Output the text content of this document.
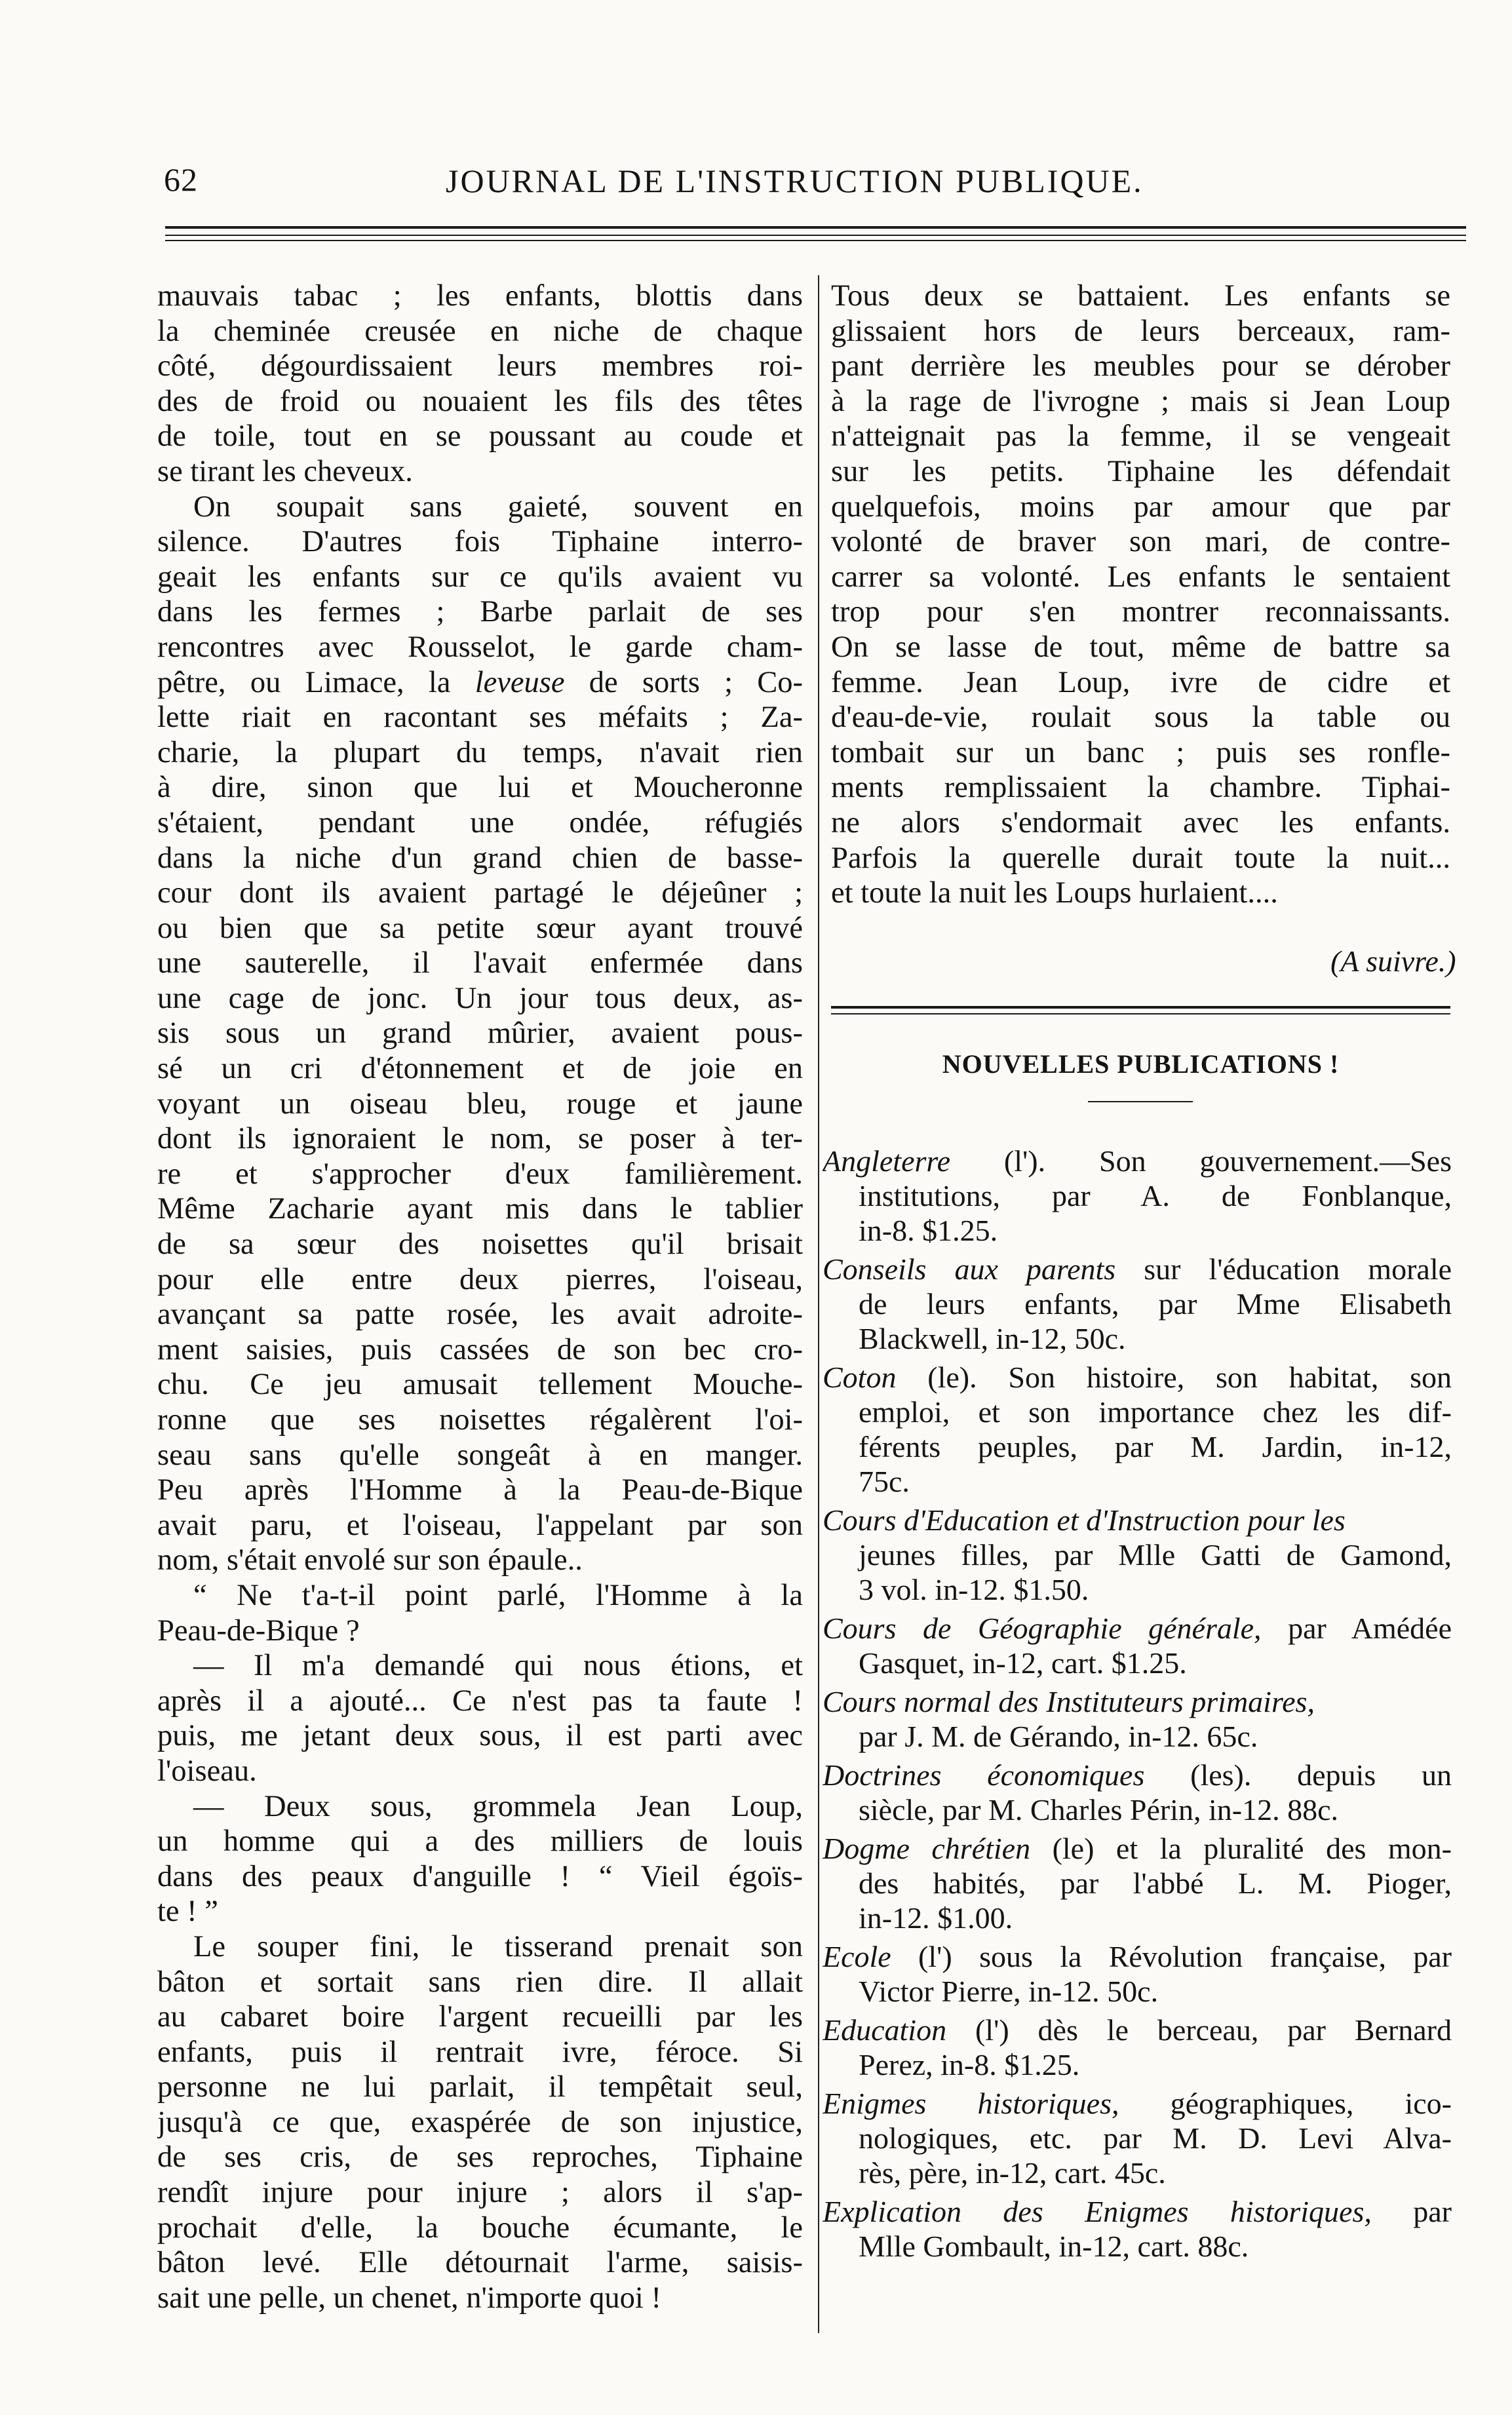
62	JOURNAL DE L'INSTRUCTION PUBLIQUE.
mauvais tabac ; les enfants, blottis dans
la cheminée creusée en niche de chaque
côté, dégourdissaient leurs membres roi-
des de froid ou nouaient les fils des têtes
de toile, tout en se poussant au coude et
se tirant les cheveux.
On soupait sans gaieté, souvent en
silence. D'autres fois Tiphaine interro-
geait les enfants sur ce qu'ils avaient vu
dans les fermes ; Barbe parlait de ses
rencontres avec Rousselot, le garde cham-
pêtre, ou Limace, la leveuse de sorts ; Co-
lette riait en racontant ses méfaits ; Za-
charie, la plupart du temps, n'avait rien
à dire, sinon que lui et Moucheronne
s'étaient, pendant une ondée, réfugiés
dans la niche d'un grand chien de basse-
cour dont ils avaient partagé le déjeûner ;
ou bien que sa petite sœur ayant trouvé
une sauterelle, il l'avait enfermée dans
une cage de jonc. Un jour tous deux, as-
sis sous un grand mûrier, avaient pous-
sé un cri d'étonnement et de joie en
voyant un oiseau bleu, rouge et jaune
dont ils ignoraient le nom, se poser à ter-
re et s'approcher d'eux familièrement.
Même Zacharie ayant mis dans le tablier
de sa sœur des noisettes qu'il brisait
pour elle entre deux pierres, l'oiseau,
avançant sa patte rosée, les avait adroite-
ment saisies, puis cassées de son bec cro-
chu. Ce jeu amusait tellement Mouche-
ronne que ses noisettes régalèrent l'oi-
seau sans qu'elle songeât à en manger.
Peu après l'Homme à la Peau-de-Bique
avait paru, et l'oiseau, l'appelant par son
nom, s'était envolé sur son épaule..
“ Ne t'a-t-il point parlé, l'Homme à la
Peau-de-Bique ?
— Il m'a demandé qui nous étions, et
après il a ajouté... Ce n'est pas ta faute !
puis, me jetant deux sous, il est parti avec
l'oiseau.
— Deux sous, grommela Jean Loup,
un homme qui a des milliers de louis
dans des peaux d'anguille ! “ Vieil égoïs-
te ! ”
Le souper fini, le tisserand prenait son
bâton et sortait sans rien dire. Il allait
au cabaret boire l'argent recueilli par les
enfants, puis il rentrait ivre, féroce. Si
personne ne lui parlait, il tempêtait seul,
jusqu'à ce que, exaspérée de son injustice,
de ses cris, de ses reproches, Tiphaine
rendît injure pour injure ; alors il s'ap-
prochait d'elle, la bouche écumante, le
bâton levé. Elle détournait l'arme, saisis-
sait une pelle, un chenet, n'importe quoi !
Tous deux se battaient. Les enfants se
glissaient hors de leurs berceaux, ram-
pant derrière les meubles pour se dérober
à la rage de l'ivrogne ; mais si Jean Loup
n'atteignait pas la femme, il se vengeait
sur les petits. Tiphaine les défendait
quelquefois, moins par amour que par
volonté de braver son mari, de contre-
carrer sa volonté. Les enfants le sentaient
trop pour s'en montrer reconnaissants.
On se lasse de tout, même de battre sa
femme. Jean Loup, ivre de cidre et
d'eau-de-vie, roulait sous la table ou
tombait sur un banc ; puis ses ronfle-
ments remplissaient la chambre. Tiphai-
ne alors s'endormait avec les enfants.
Parfois la querelle durait toute la nuit...
et toute la nuit les Loups hurlaient....
(A suivre.)
NOUVELLES PUBLICATIONS !
Angleterre (l'). Son gouvernement.—Ses
institutions, par A. de Fonblanque,
in-8. $1.25.
Conseils aux parents sur l'éducation morale
de leurs enfants, par Mme Elisabeth
Blackwell, in-12, 50c.
Coton (le). Son histoire, son habitat, son
emploi, et son importance chez les dif-
férents peuples, par M. Jardin, in-12,
75c.
Cours d'Education et d'Instruction pour les
jeunes filles, par Mlle Gatti de Gamond,
3 vol. in-12. $1.50.
Cours de Géographie générale, par Amédée
Gasquet, in-12, cart. $1.25.
Cours normal des Instituteurs primaires,
par J. M. de Gérando, in-12. 65c.
Doctrines économiques (les). depuis un
siècle, par M. Charles Périn, in-12. 88c.
Dogme chrétien (le) et la pluralité des mon-
des habités, par l'abbé L. M. Pioger,
in-12. $1.00.
Ecole (l') sous la Révolution française, par
Victor Pierre, in-12. 50c.
Education (l') dès le berceau, par Bernard
Perez, in-8. $1.25.
Enigmes historiques, géographiques, ico-
nologiques, etc. par M. D. Levi Alva-
rès, père, in-12, cart. 45c.
Explication des Enigmes historiques, par
Mlle Gombault, in-12, cart. 88c.
